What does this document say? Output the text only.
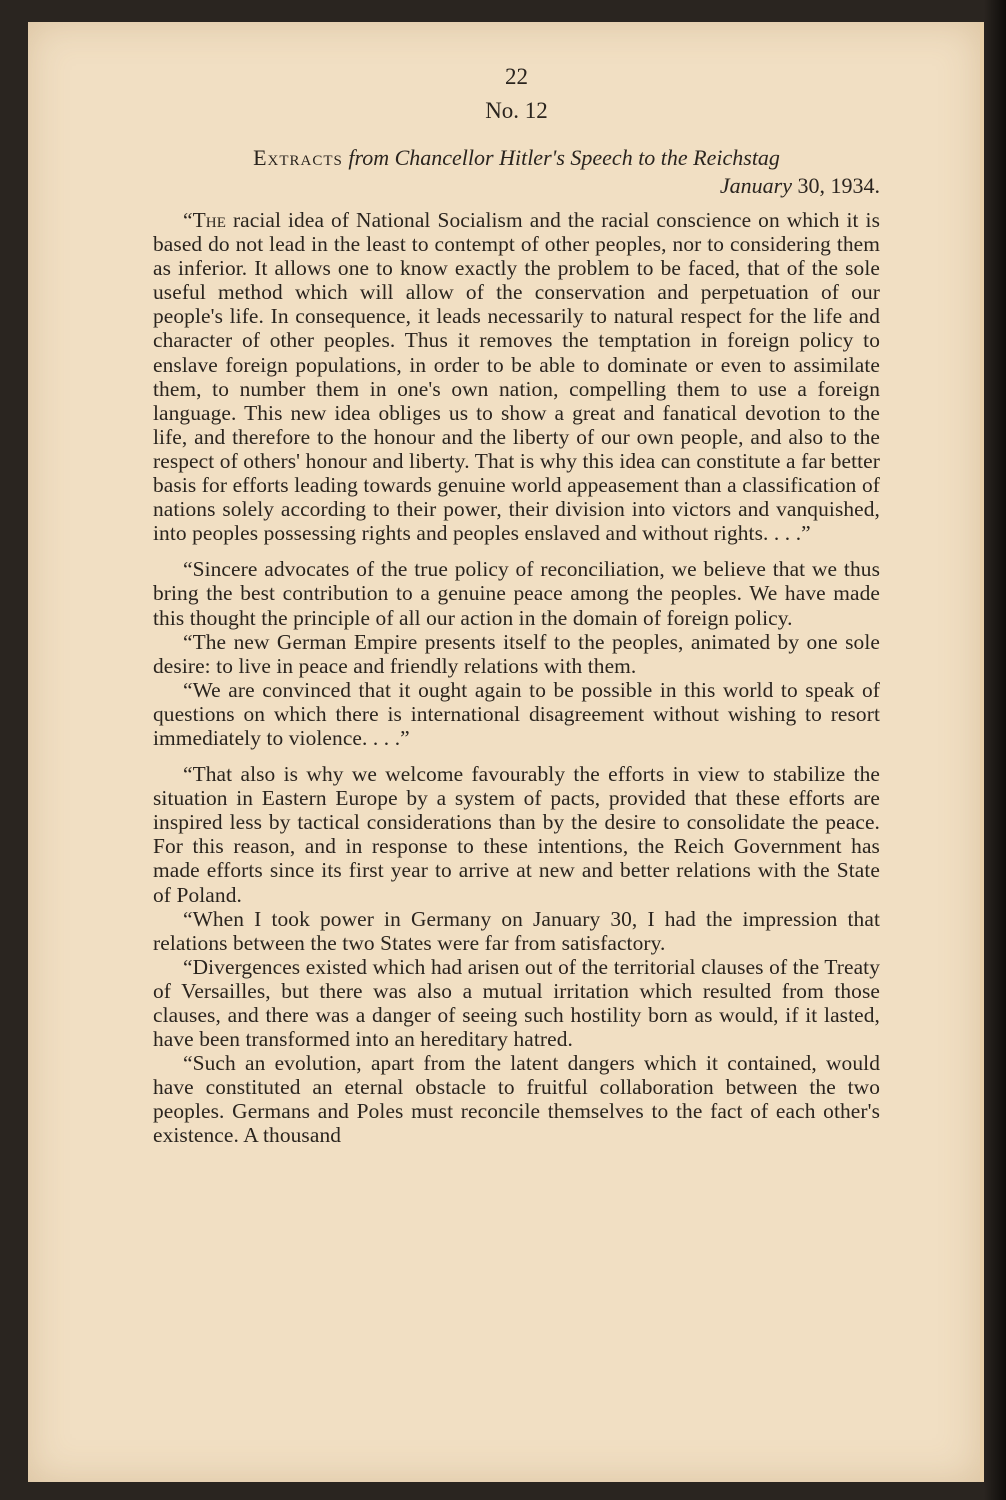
22

No. 12

Extracts from Chancellor Hitler's Speech to the Reichstag

January 30, 1934.

“The racial idea of National Socialism and the racial conscience on which it is based do not lead in the least to contempt of other peoples, nor to considering them as inferior. It allows one to know exactly the problem to be faced, that of the sole useful method which will allow of the conservation and perpetuation of our people's life. In consequence, it leads necessarily to natural respect for the life and character of other peoples. Thus it removes the temptation in foreign policy to enslave foreign populations, in order to be able to dominate or even to assimilate them, to number them in one's own nation, compelling them to use a foreign language. This new idea obliges us to show a great and fanatical devotion to the life, and therefore to the honour and the liberty of our own people, and also to the respect of others' honour and liberty. That is why this idea can constitute a far better basis for efforts leading towards genuine world appeasement than a classification of nations solely according to their power, their division into victors and vanquished, into peoples possessing rights and peoples enslaved and without rights. . . .”

“Sincere advocates of the true policy of reconciliation, we believe that we thus bring the best contribution to a genuine peace among the peoples. We have made this thought the principle of all our action in the domain of foreign policy.

“The new German Empire presents itself to the peoples, animated by one sole desire: to live in peace and friendly relations with them.

“We are convinced that it ought again to be possible in this world to speak of questions on which there is international disagreement without wishing to resort immediately to violence. . . .”

“That also is why we welcome favourably the efforts in view to stabilize the situation in Eastern Europe by a system of pacts, provided that these efforts are inspired less by tactical considerations than by the desire to consolidate the peace. For this reason, and in response to these intentions, the Reich Government has made efforts since its first year to arrive at new and better relations with the State of Poland.

“When I took power in Germany on January 30, I had the impression that relations between the two States were far from satisfactory.

“Divergences existed which had arisen out of the territorial clauses of the Treaty of Versailles, but there was also a mutual irritation which resulted from those clauses, and there was a danger of seeing such hostility born as would, if it lasted, have been transformed into an hereditary hatred.

“Such an evolution, apart from the latent dangers which it contained, would have constituted an eternal obstacle to fruitful collaboration between the two peoples. Germans and Poles must reconcile themselves to the fact of each other's existence. A thousand
